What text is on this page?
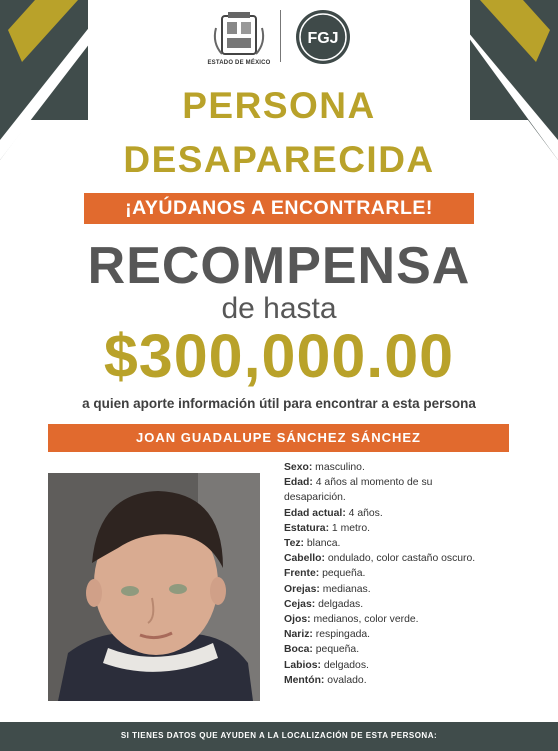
ESTADO DE MÉXICO
FGJ
PERSONA
DESAPARECIDA
¡AYÚDANOS A ENCONTRARLE!
RECOMPENSA
de hasta
$300,000.00
a quien aporte información útil para encontrar a esta persona
JOAN GUADALUPE SÁNCHEZ SÁNCHEZ
Sexo: masculino.
Edad: 4 años al momento de su desaparición.
Edad actual: 4 años.
Estatura: 1 metro.
Tez: blanca.
Cabello: ondulado, color castaño oscuro.
Frente: pequeña.
Orejas: medianas.
Cejas: delgadas.
Ojos: medianos, color verde.
Nariz: respingada.
Boca: pequeña.
Labios: delgados.
Mentón: ovalado.
SI TIENES DATOS QUE AYUDEN A LA LOCALIZACIÓN DE ESTA PERSONA:
